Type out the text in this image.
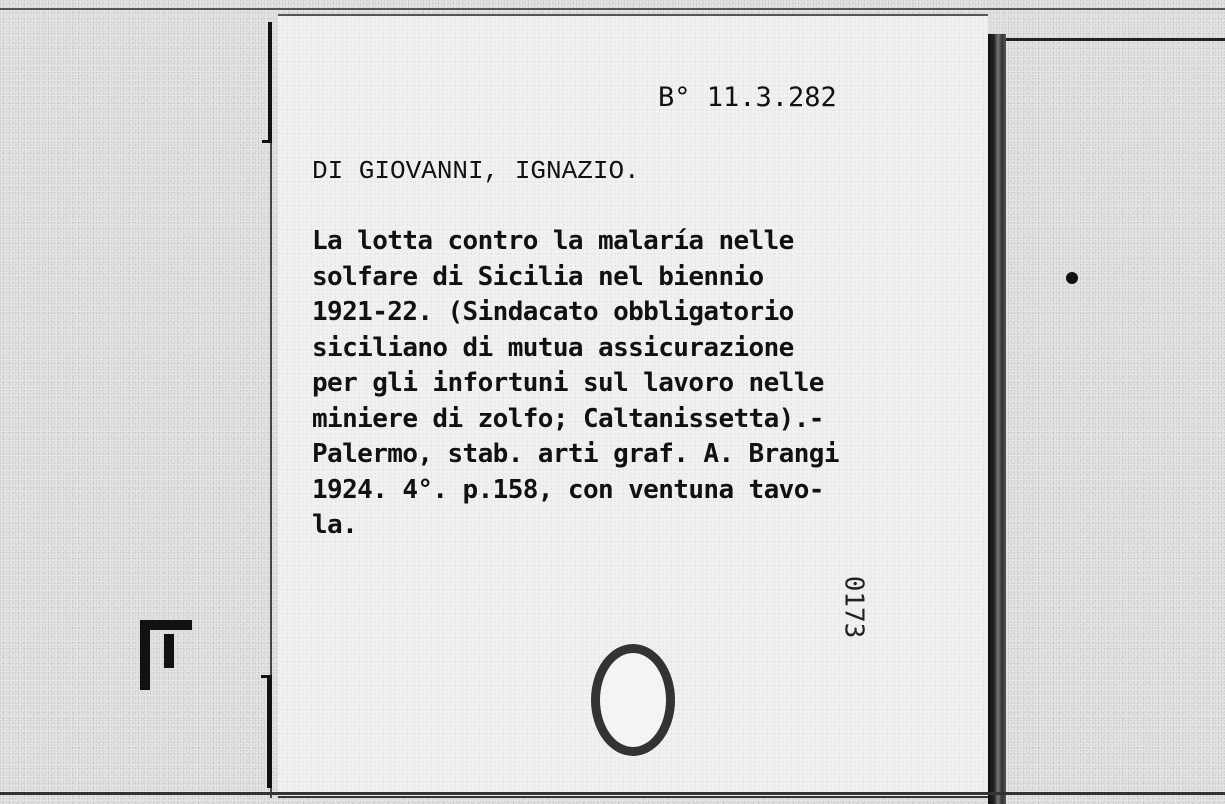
B° 11.3.282
DI GIOVANNI, IGNAZIO.
La lotta contro la malaría nelle
solfare di Sicilia nel biennio
1921-22. (Sindacato obbligatorio
siciliano di mutua assicurazione
per gli infortuni sul lavoro nelle
miniere di zolfo; Caltanissetta).-
Palermo, stab. arti graf. A. Brangi
1924. 4°. p.158, con ventuna tavo-
la.
0173
